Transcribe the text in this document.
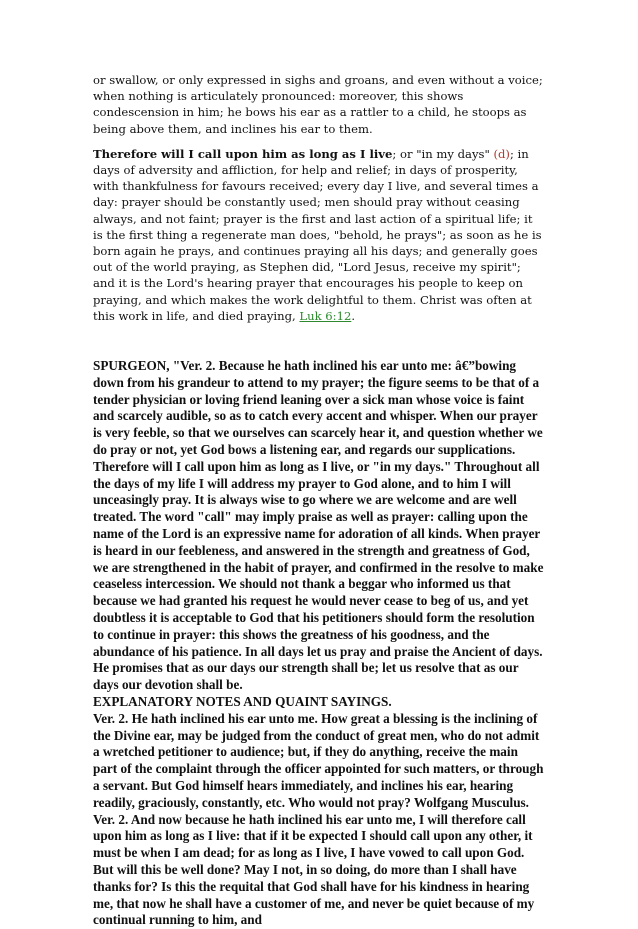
or swallow, or only expressed in sighs and groans, and even without a voice; when nothing is articulately pronounced: moreover, this shows condescension in him; he bows his ear as a rattler to a child, he stoops as being above them, and inclines his ear to them.

Therefore will I call upon him as long as I live; or "in my days" (d); in days of adversity and affliction, for help and relief; in days of prosperity, with thankfulness for favours received; every day I live, and several times a day: prayer should be constantly used; men should pray without ceasing always, and not faint; prayer is the first and last action of a spiritual life; it is the first thing a regenerate man does, "behold, he prays"; as soon as he is born again he prays, and continues praying all his days; and generally goes out of the world praying, as Stephen did, "Lord Jesus, receive my spirit"; and it is the Lord's hearing prayer that encourages his people to keep on praying, and which makes the work delightful to them. Christ was often at this work in life, and died praying, Luk 6:12.

SPURGEON, "Ver. 2. Because he hath inclined his ear unto me: â€”bowing down from his grandeur to attend to my prayer; the figure seems to be that of a tender physician or loving friend leaning over a sick man whose voice is faint and scarcely audible, so as to catch every accent and whisper. When our prayer is very feeble, so that we ourselves can scarcely hear it, and question whether we do pray or not, yet God bows a listening ear, and regards our supplications.

Therefore will I call upon him as long as I live, or "in my days." Throughout all the days of my life I will address my prayer to God alone, and to him I will unceasingly pray. It is always wise to go where we are welcome and are well treated. The word "call" may imply praise as well as prayer: calling upon the name of the Lord is an expressive name for adoration of all kinds. When prayer is heard in our feebleness, and answered in the strength and greatness of God, we are strengthened in the habit of prayer, and confirmed in the resolve to make ceaseless intercession. We should not thank a beggar who informed us that because we had granted his request he would never cease to beg of us, and yet doubtless it is acceptable to God that his petitioners should form the resolution to continue in prayer: this shows the greatness of his goodness, and the abundance of his patience. In all days let us pray and praise the Ancient of days. He promises that as our days our strength shall be; let us resolve that as our days our devotion shall be.

EXPLANATORY NOTES AND QUAINT SAYINGS.

Ver. 2. He hath inclined his ear unto me. How great a blessing is the inclining of the Divine ear, may be judged from the conduct of great men, who do not admit a wretched petitioner to audience; but, if they do anything, receive the main part of the complaint through the officer appointed for such matters, or through a servant. But God himself hears immediately, and inclines his ear, hearing readily, graciously, constantly, etc. Who would not pray? Wolfgang Musculus.

Ver. 2. And now because he hath inclined his ear unto me, I will therefore call upon him as long as I live: that if it be expected I should call upon any other, it must be when I am dead; for as long as I live, I have vowed to call upon God. But will this be well done? May I not, in so doing, do more than I shall have thanks for? Is this the requital that God shall have for his kindness in hearing me, that now he shall have a customer of me, and never be quiet because of my continual running to him, and
